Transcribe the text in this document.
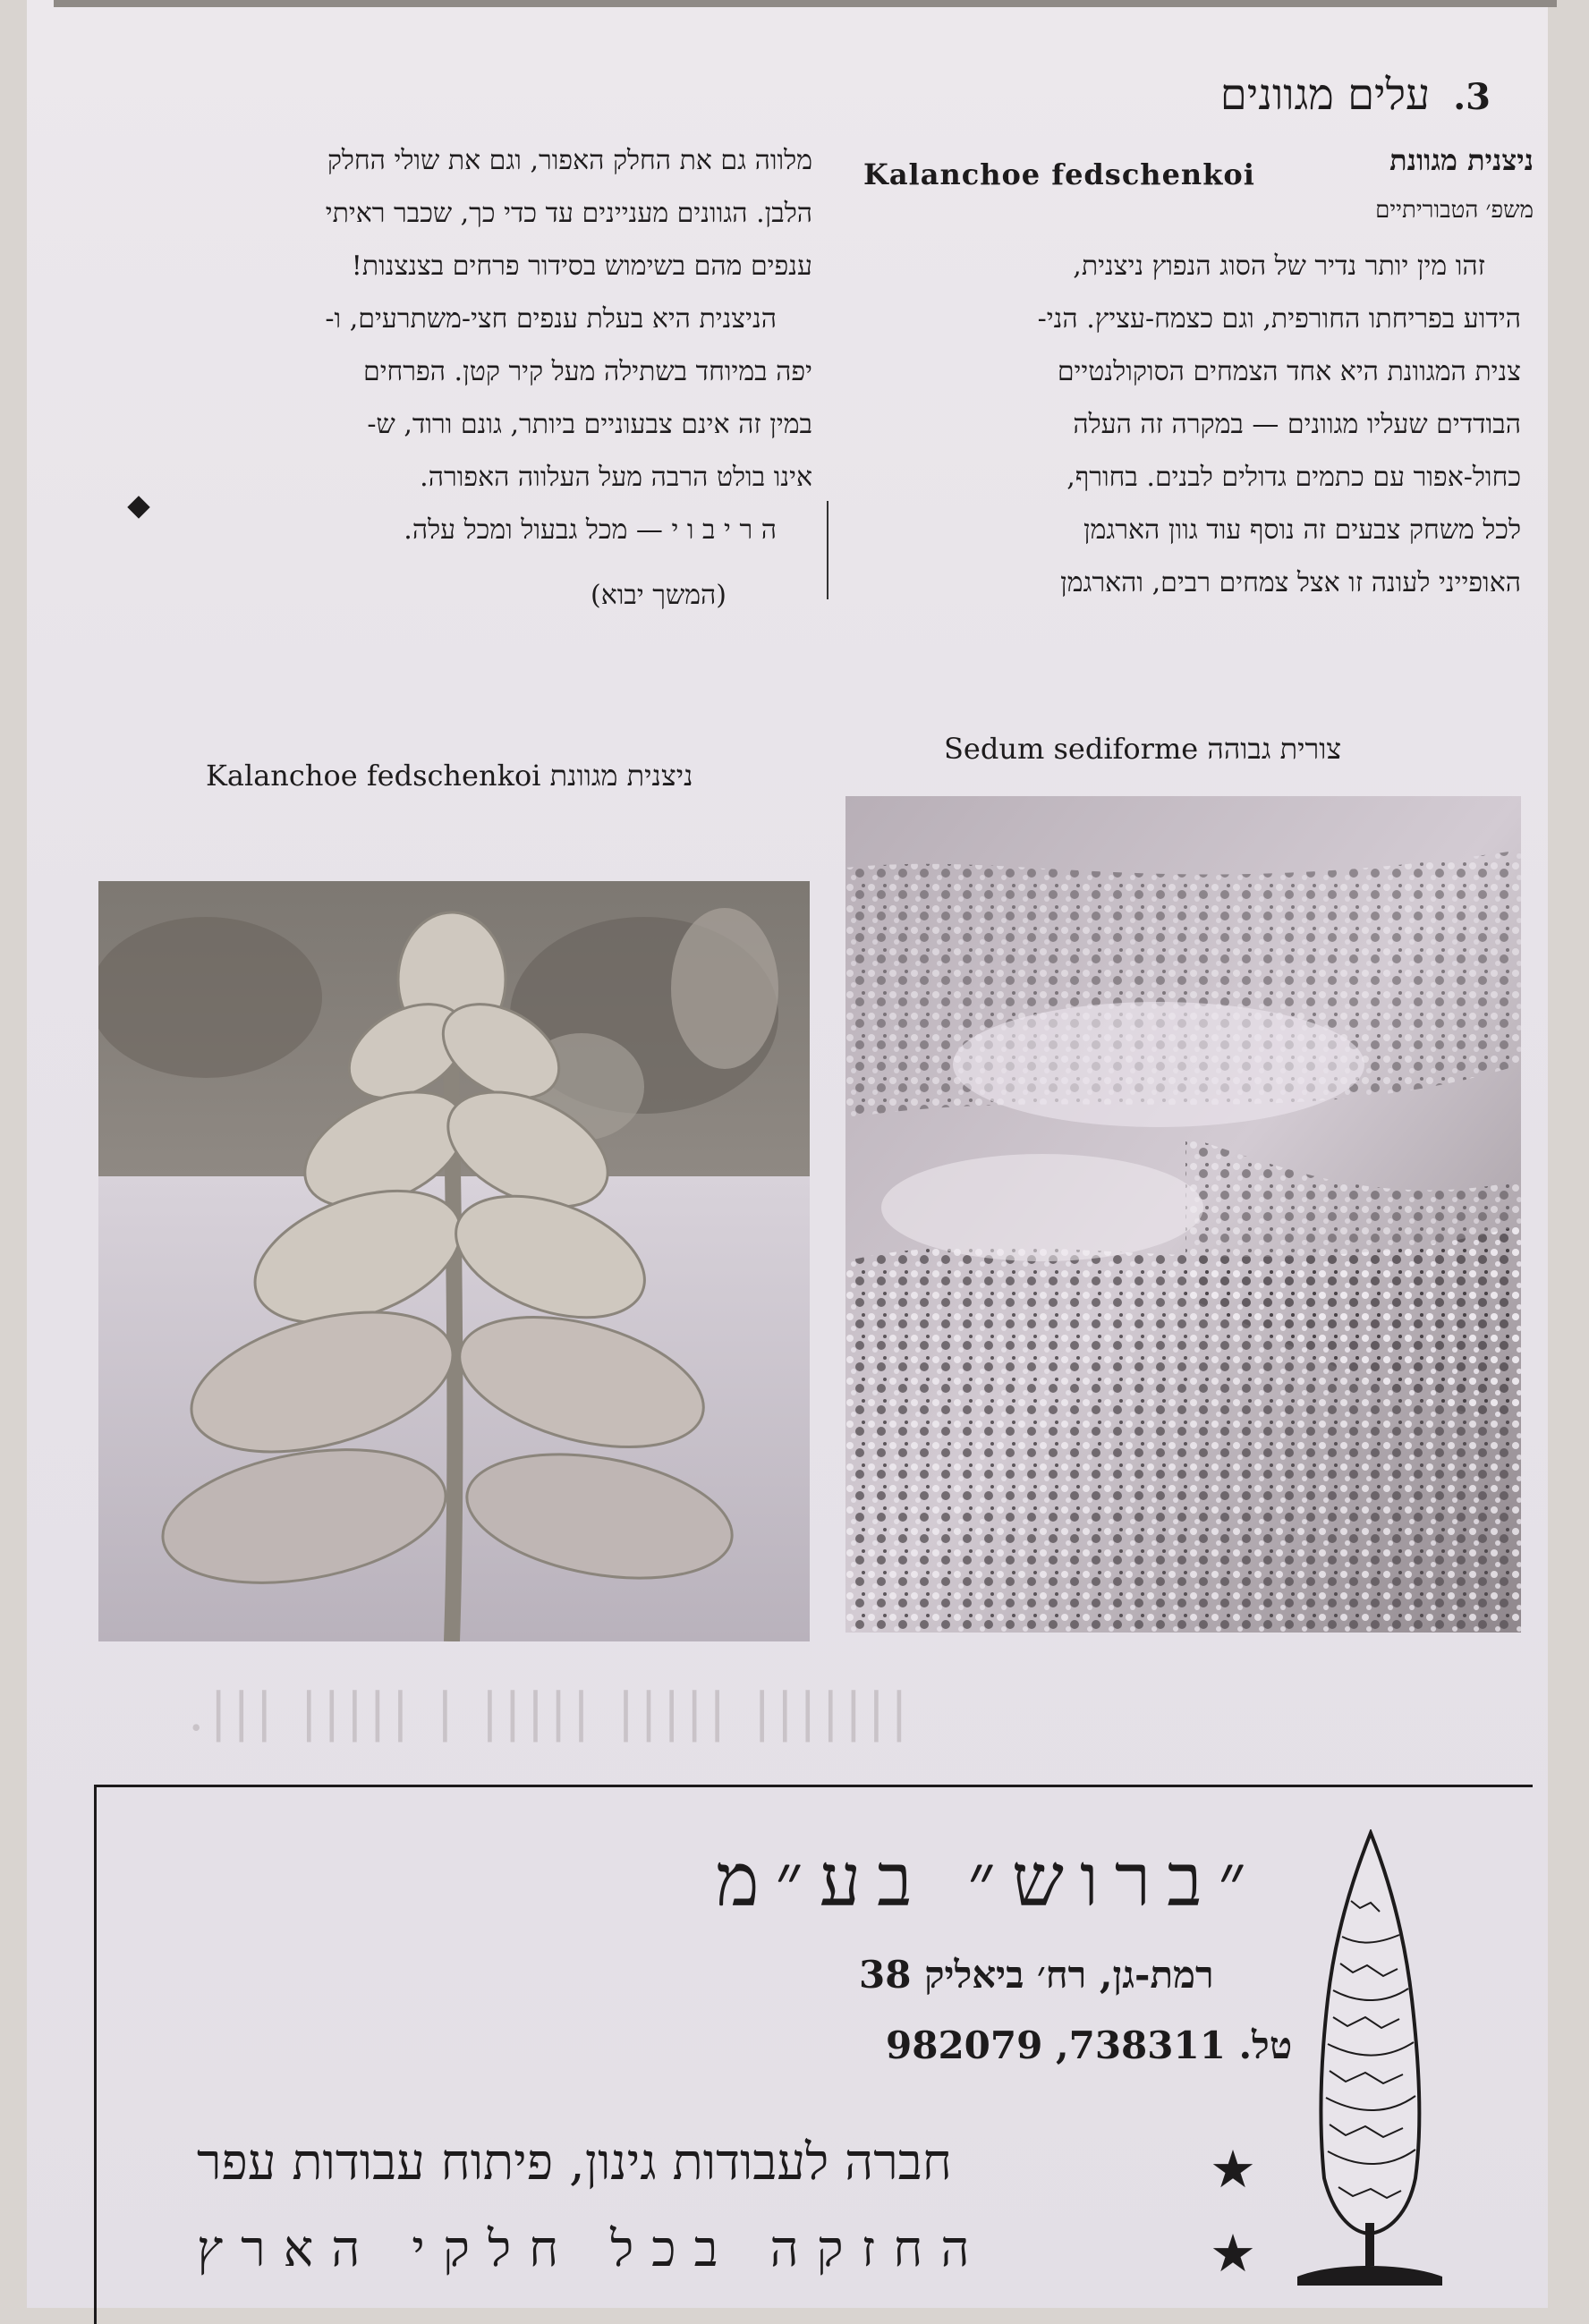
3.עלים מגוונים
ניצנית מגוונת
Kalanchoe fedschenkoi
משפ׳ הטבוריתיים

זהו מין יותר נדיר של הסוג הנפוץ ניצנית,

הידוע בפריחתו החורפית, וגם כצמח-עציץ. הני-

צנית המגוונת היא אחד הצמחים הסוקולנטיים

הבודדים שעליו מגוונים — במקרה זה העלה

כחול-אפור עם כתמים גדולים לבנים. בחורף,

לכל משחק צבעים זה נוסף עוד גוון הארגמן

האופייני לעונה זו אצל צמחים רבים, והארגמן

מלווה גם את החלק האפור, וגם את שולי החלק

הלבן. הגוונים מעניינים עד כדי כך, שכבר ראיתי

ענפים מהם בשימוש בסידור פרחים בצנצנות!

הניצנית היא בעלת ענפים חצי-משתרעים, ו-

יפה במיוחד בשתילה מעל קיר קטן. הפרחים

במין זה אינם צבעוניים ביותר, גונם ורוד, ש-

אינו בולט הרבה מעל העלווה האפורה.

ה ר י ב ו י — מכל גבעול ומכל עלה.

(המשך יבוא)
Kalanchoe fedschenkoi ניצנית מגוונת
Sedum sediforme צורית גבוהה
.||| ||||| | ||||| ||||| |||||||
״ברוש״ בע״מ
רמת-גן, רח׳ ביאליק 38
טל. 738311, 982079
★
חברה לעבודות גינון, פיתוח עבודות עפר
★
החזקה בכל חלקי הארץ
